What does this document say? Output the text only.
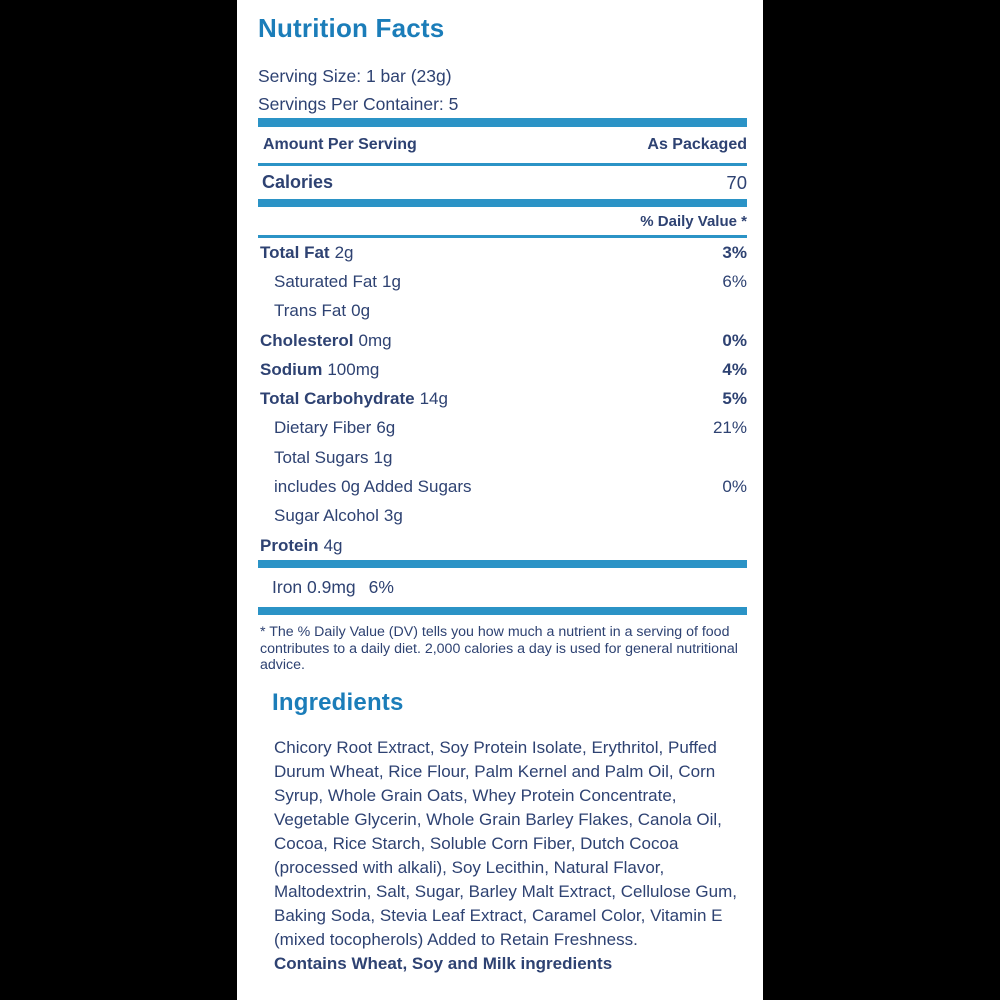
Nutrition Facts
Serving Size: 1 bar (23g)
Servings Per Container: 5
Amount Per Serving	As Packaged
Calories	70
% Daily Value *
Total Fat 2g	3%
Saturated Fat 1g	6%
Trans Fat 0g
Cholesterol 0mg	0%
Sodium 100mg	4%
Total Carbohydrate 14g	5%
Dietary Fiber 6g	21%
Total Sugars 1g
includes 0g Added Sugars	0%
Sugar Alcohol 3g
Protein 4g
Iron 0.9mg 6%
* The % Daily Value (DV) tells you how much a nutrient in a serving of food contributes to a daily diet. 2,000 calories a day is used for general nutritional advice.
Ingredients
Chicory Root Extract, Soy Protein Isolate, Erythritol, Puffed Durum Wheat, Rice Flour, Palm Kernel and Palm Oil, Corn Syrup, Whole Grain Oats, Whey Protein Concentrate, Vegetable Glycerin, Whole Grain Barley Flakes, Canola Oil, Cocoa, Rice Starch, Soluble Corn Fiber, Dutch Cocoa (processed with alkali), Soy Lecithin, Natural Flavor, Maltodextrin, Salt, Sugar, Barley Malt Extract, Cellulose Gum, Baking Soda, Stevia Leaf Extract, Caramel Color, Vitamin E (mixed tocopherols) Added to Retain Freshness.
Contains Wheat, Soy and Milk ingredients
